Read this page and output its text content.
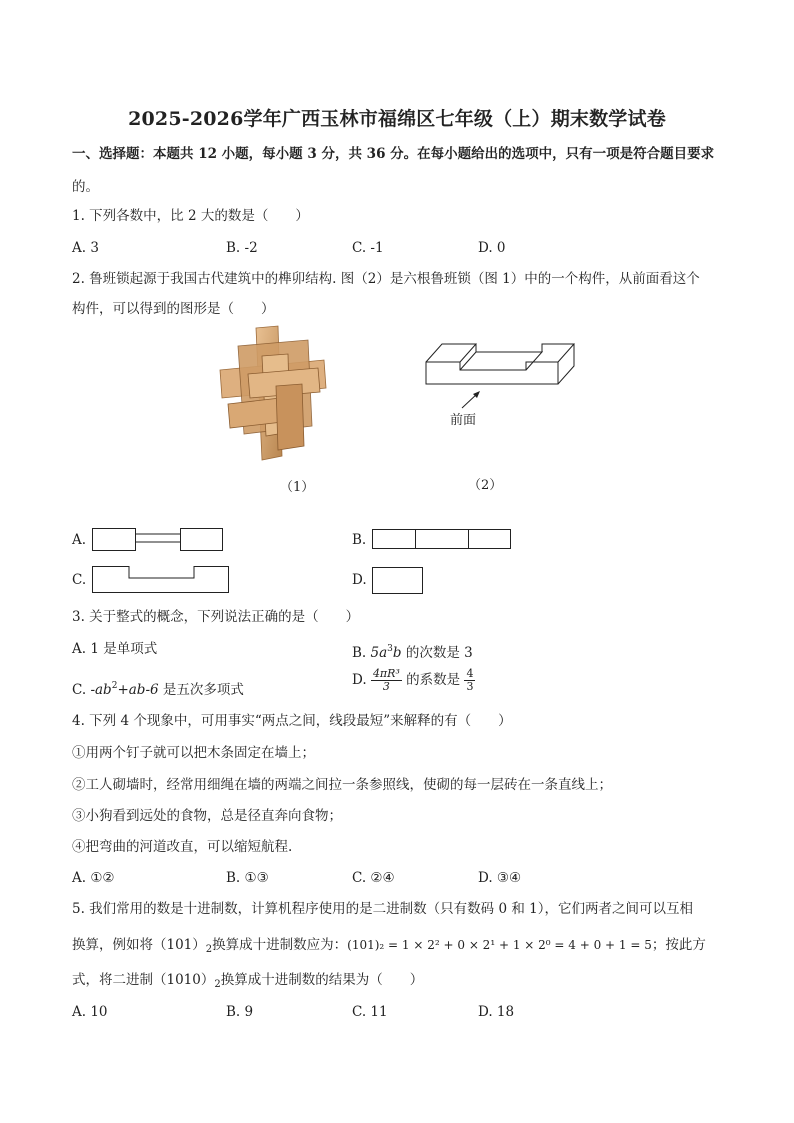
2025-2026学年广西玉林市福绵区七年级（上）期末数学试卷
一、选择题：本题共 12 小题，每小题 3 分，共 36 分。在每小题给出的选项中，只有一项是符合题目要求
的。
1. 下列各数中，比 2 大的数是（　　）
A. 3	B. -2	C. -1	D. 0
2. 鲁班锁起源于我国古代建筑中的榫卯结构. 图（2）是六根鲁班锁（图 1）中的一个构件，从前面看这个
构件，可以得到的图形是（　　）
前面
（1）	（2）
A.	B.
C.	D.
3. 关于整式的概念，下列说法正确的是（　　）
A. 1 是单项式	B. $5a^3b$ 的次数是 3
C. $-ab^2+ab-6$ 是五次多项式
D. $\frac{\text{4πR³}}{3}$ 的系数是 $\frac{4}{3}$
4. 下列 4 个现象中，可用事实“两点之间，线段最短”来解释的有（　　）
①用两个钉子就可以把木条固定在墙上；
②工人砌墙时，经常用细绳在墙的两端之间拉一条参照线，使砌的每一层砖在一条直线上；
③小狗看到远处的食物，总是径直奔向食物；
④把弯曲的河道改直，可以缩短航程.
A. ①②	B. ①③	C. ②④	D. ③④
5. 我们常用的数是十进制数，计算机程序使用的是二进制数（只有数码 0 和 1），它们两者之间可以互相
换算，例如将$(101)_2$换算成十进制数应为：(101)₂ = 1 × 2² + 0 × 2¹ + 1 × 2⁰ = 4 + 0 + 1 = 5；按此方
式，将二进制$(1010)_2$换算成十进制数的结果为（　　）
A. 10	B. 9	C. 11	D. 18
